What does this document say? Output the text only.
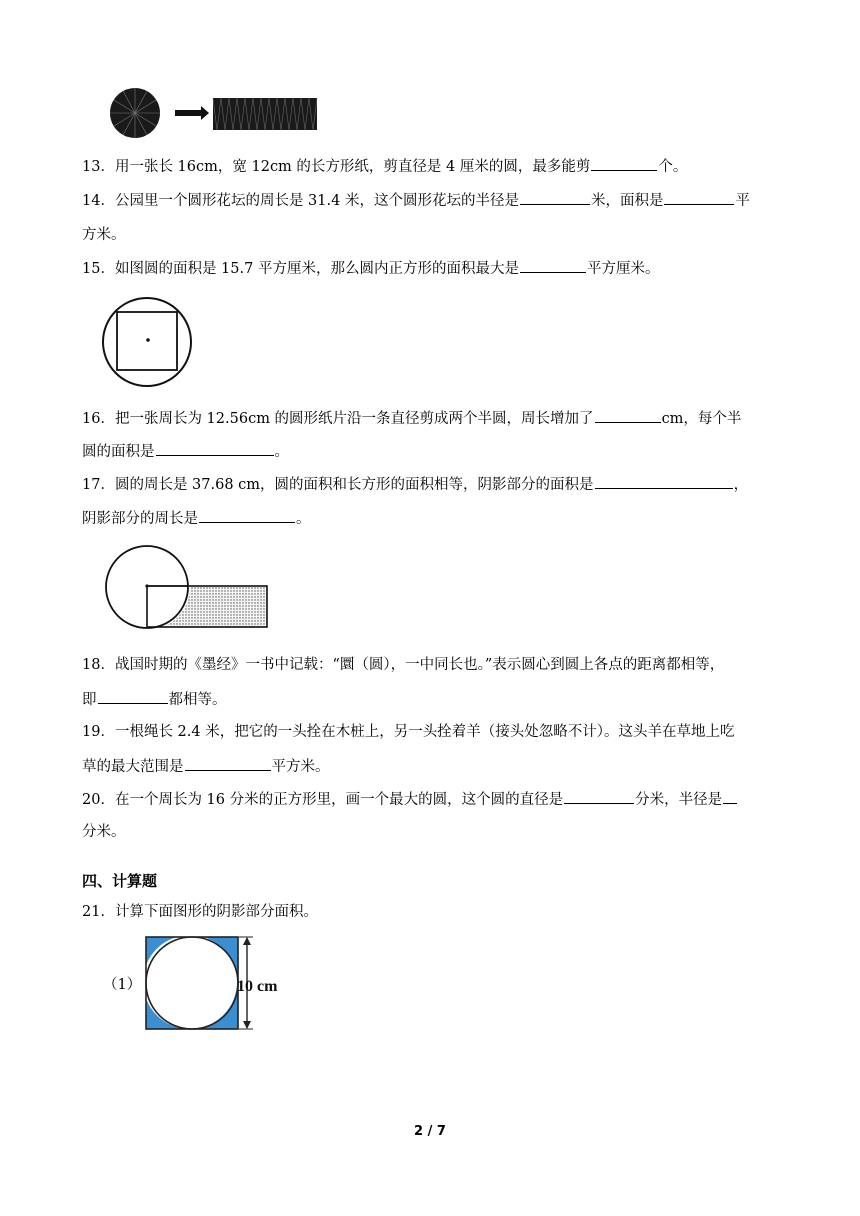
13．用一张长 16cm，宽 12cm 的长方形纸，剪直径是 4 厘米的圆，最多能剪	个。
14．公园里一个圆形花坛的周长是 31.4 米，这个圆形花坛的半径是	米，面积是	平
方米。
15．如图圆的面积是 15.7 平方厘米，那么圆内正方形的面积最大是	平方厘米。
16．把一张周长为 12.56cm 的圆形纸片沿一条直径剪成两个半圆，周长增加了	cm，每个半
圆的面积是	。
17．圆的周长是 37.68 cm，圆的面积和长方形的面积相等，阴影部分的面积是	，
阴影部分的周长是	。
18．战国时期的《墨经》一书中记载：“圜（圆），一中同长也。”表示圆心到圆上各点的距离都相等，
即	都相等。
19．一根绳长 2.4 米，把它的一头拴在木桩上，另一头拴着羊（接头处忽略不计）。这头羊在草地上吃
草的最大范围是	平方米。
20．在一个周长为 16 分米的正方形里，画一个最大的圆，这个圆的直径是	分米，半径是
分米。
四、计算题
21．计算下面图形的阴影部分面积。
（1）	10 cm
2 / 7
